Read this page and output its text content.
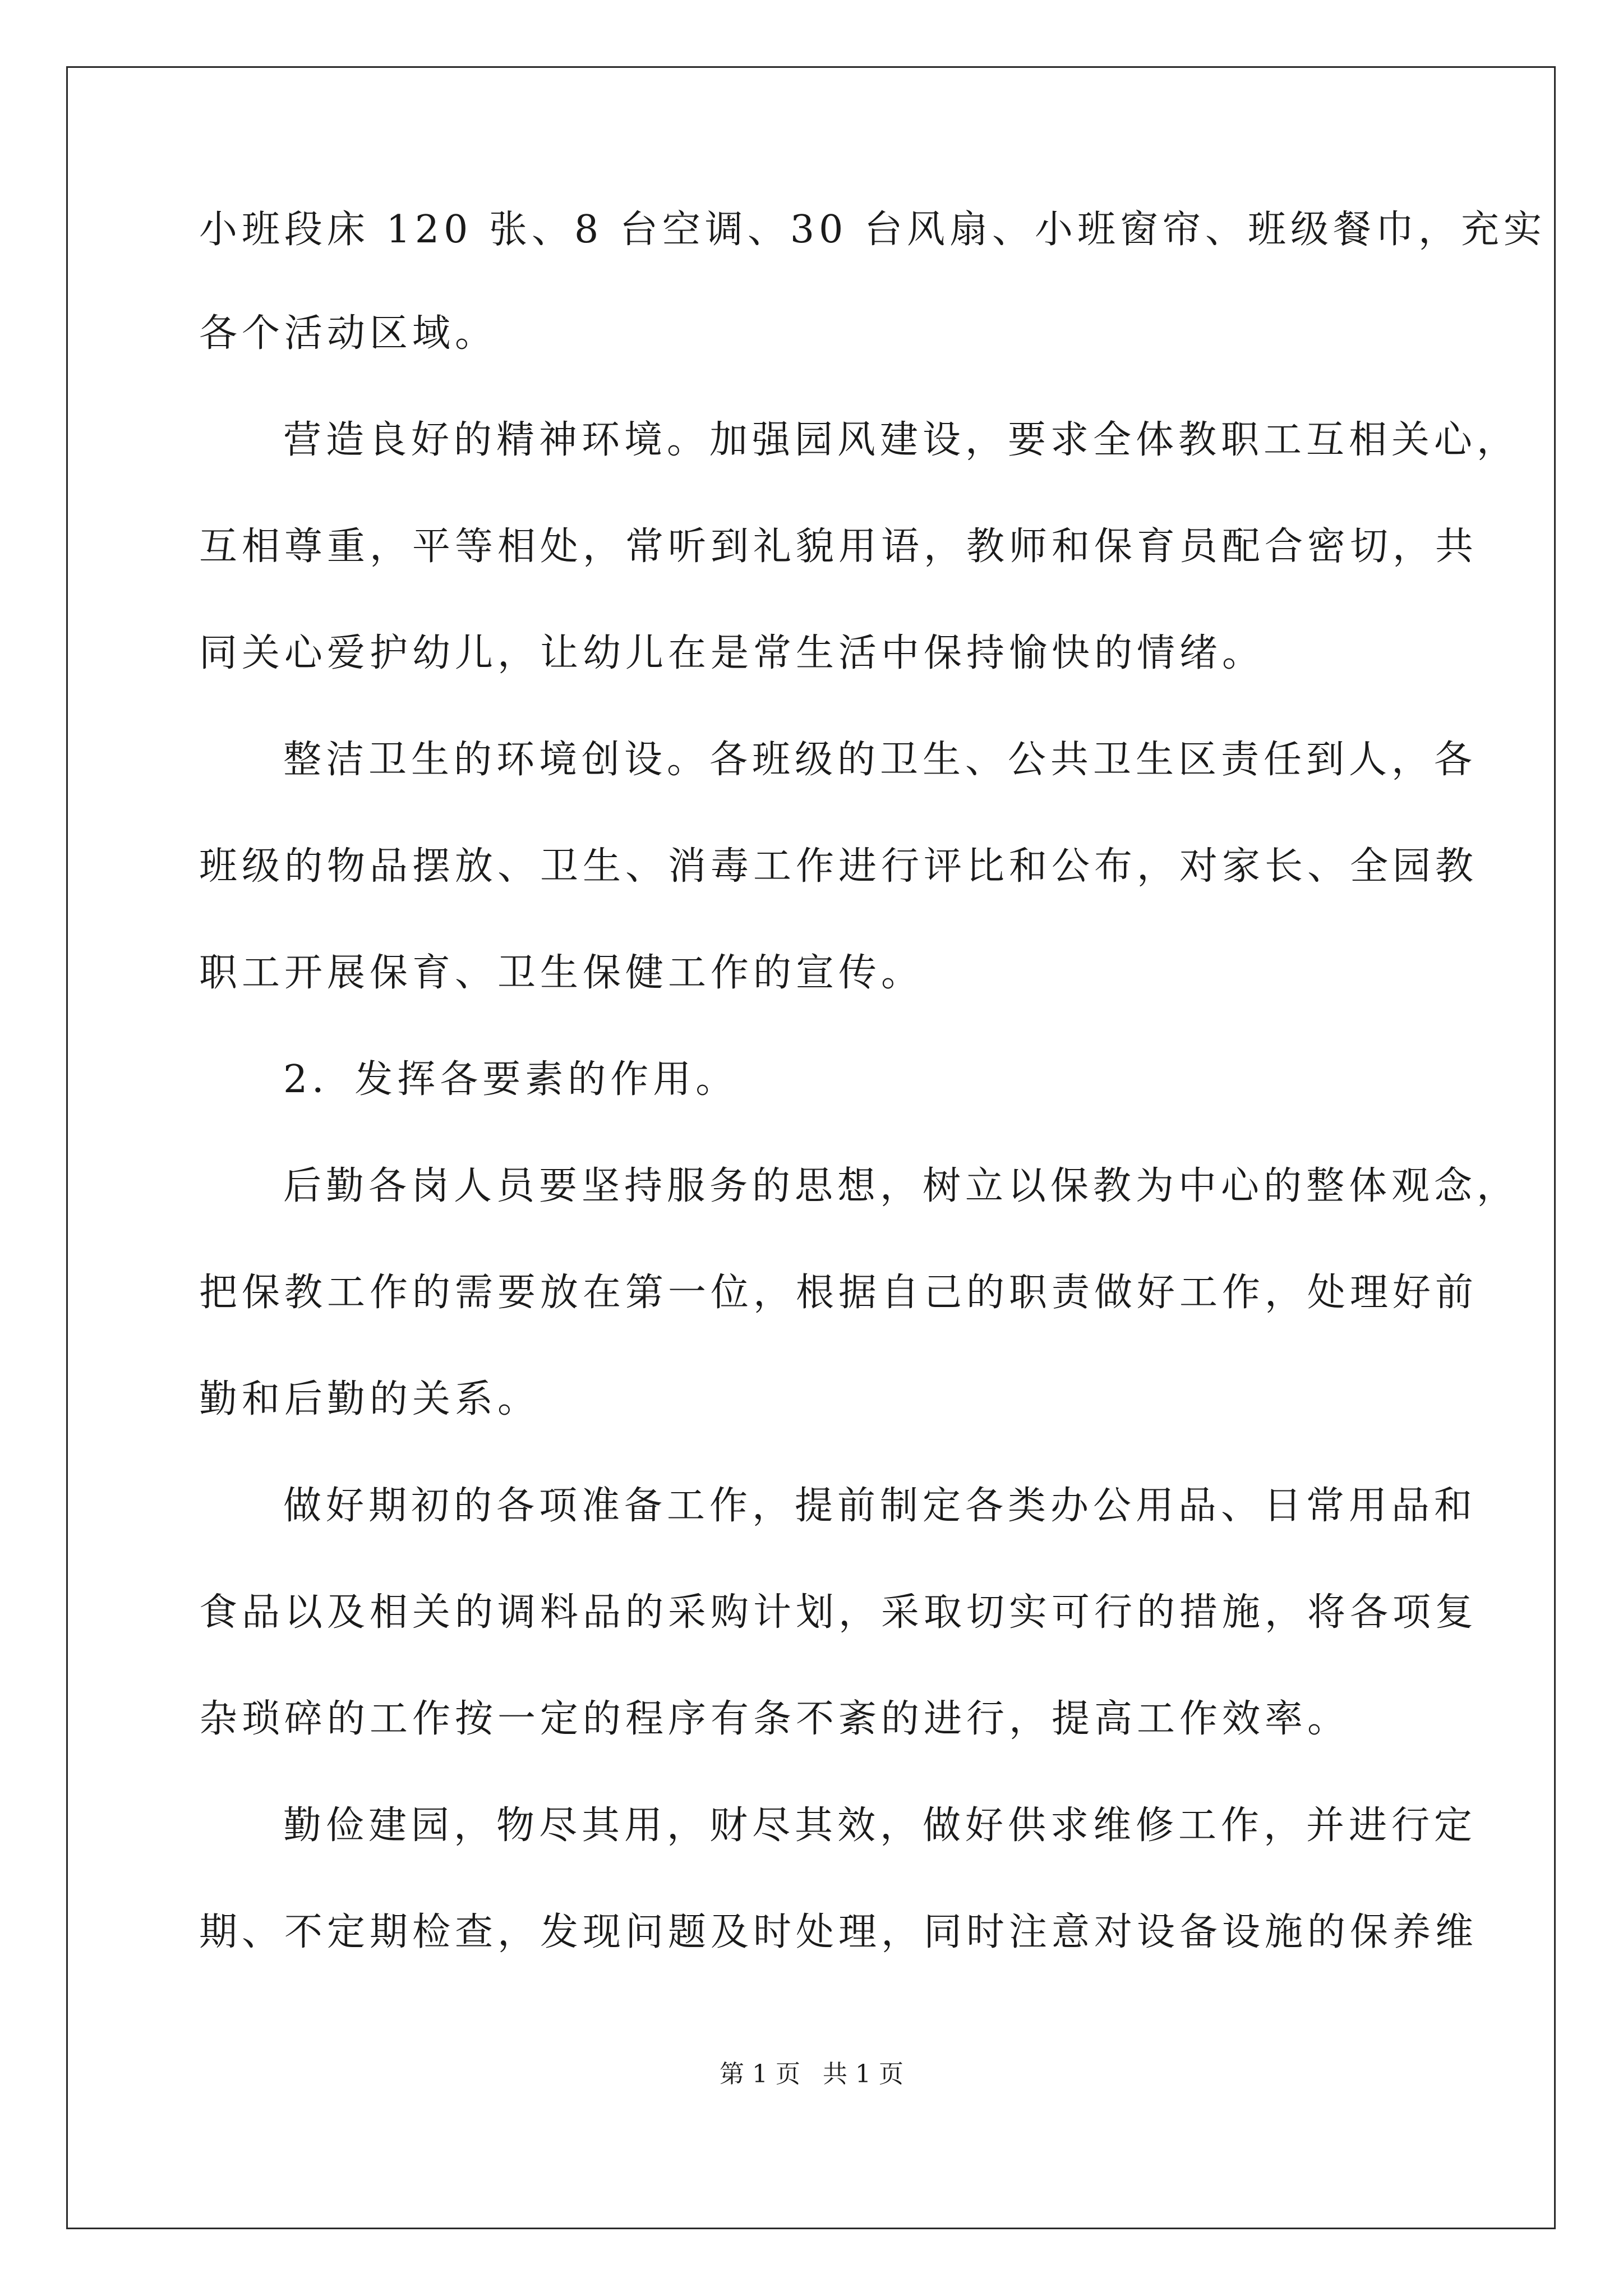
小班段床 120 张、8 台空调、30 台风扇、小班窗帘、班级餐巾，充实
各个活动区域。
营造良好的精神环境。加强园风建设，要求全体教职工互相关心，
互相尊重，平等相处，常听到礼貌用语，教师和保育员配合密切，共
同关心爱护幼儿，让幼儿在是常生活中保持愉快的情绪。
整洁卫生的环境创设。各班级的卫生、公共卫生区责任到人，各
班级的物品摆放、卫生、消毒工作进行评比和公布，对家长、全园教
职工开展保育、卫生保健工作的宣传。
2．发挥各要素的作用。
后勤各岗人员要坚持服务的思想，树立以保教为中心的整体观念，
把保教工作的需要放在第一位，根据自己的职责做好工作，处理好前
勤和后勤的关系。
做好期初的各项准备工作，提前制定各类办公用品、日常用品和
食品以及相关的调料品的采购计划，采取切实可行的措施，将各项复
杂琐碎的工作按一定的程序有条不紊的进行，提高工作效率。
勤俭建园，物尽其用，财尽其效，做好供求维修工作，并进行定
期、不定期检查，发现问题及时处理，同时注意对设备设施的保养维
第 1 页 共 1 页
